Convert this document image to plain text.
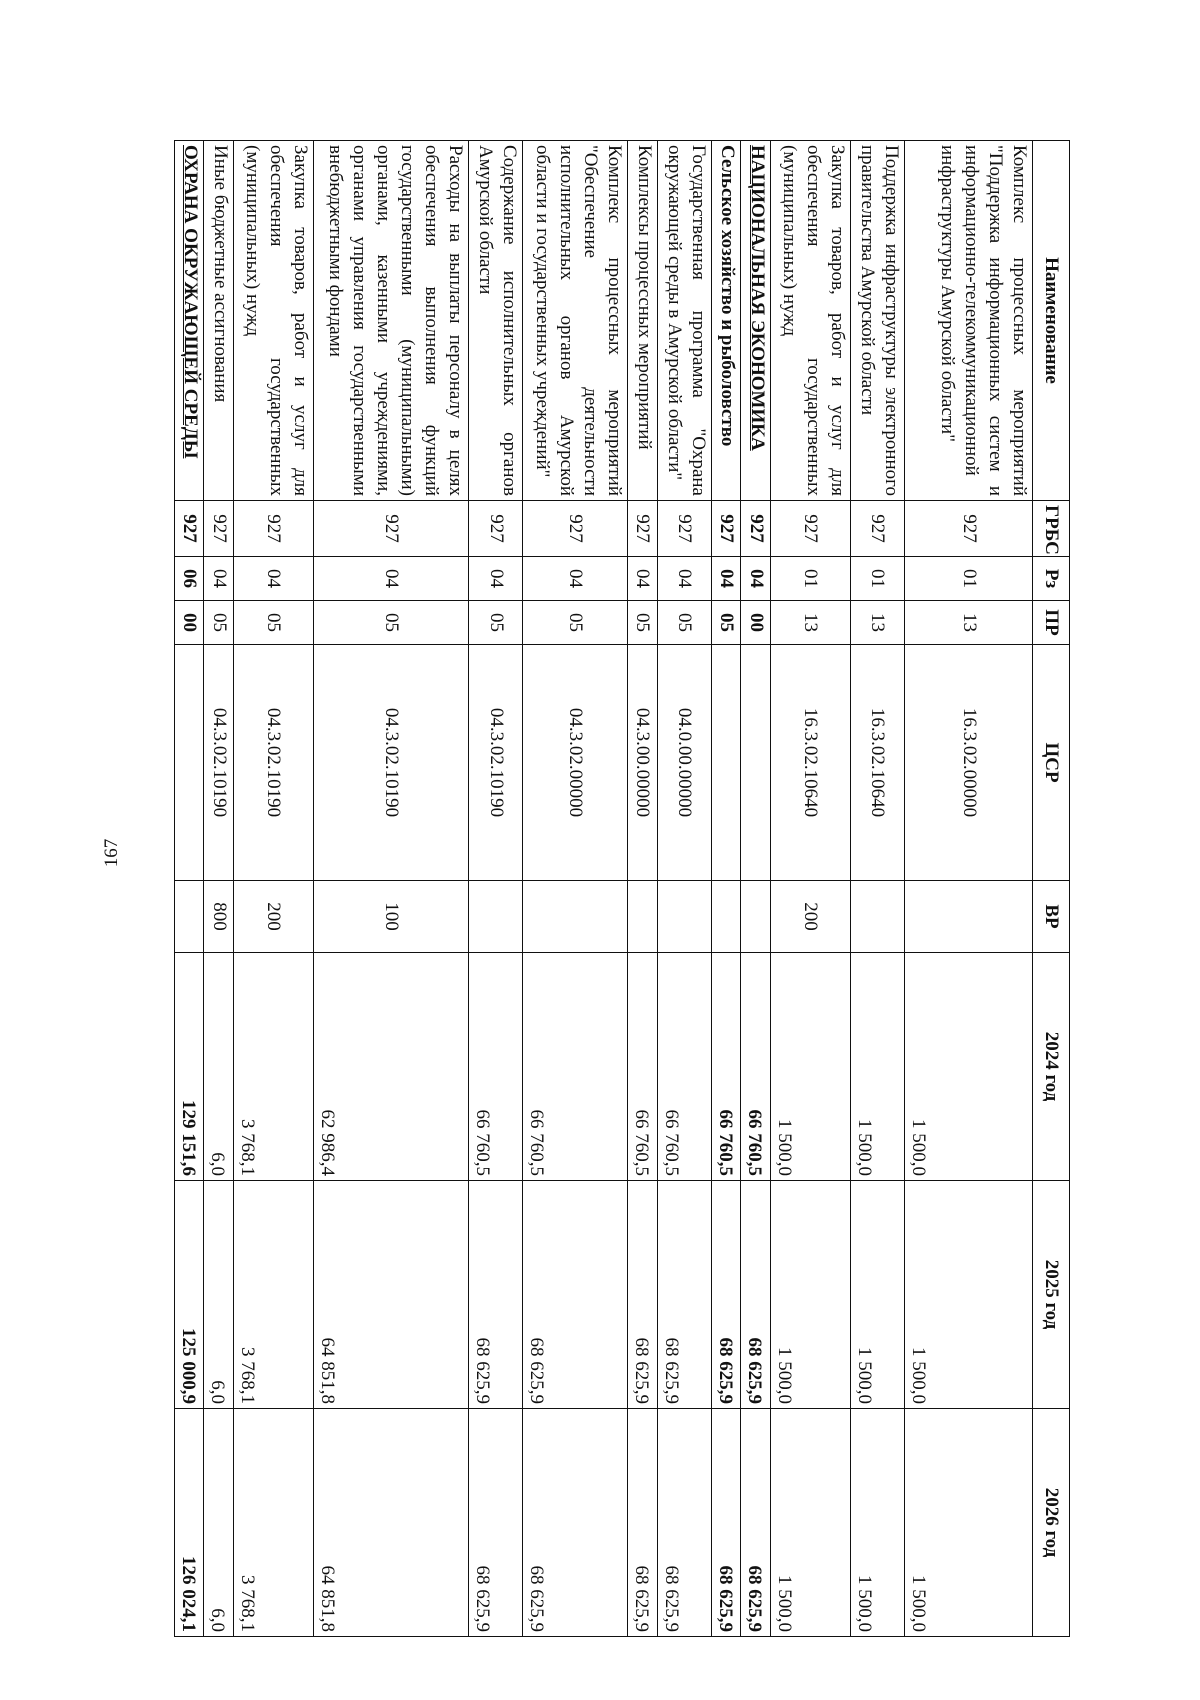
167
Наименование	ГРБС	Рз	ПР	ЦСР	ВР	2024 год	2025 год	2026 год
Комплекс процессных мероприятий "Поддержка информационных систем и информационно-телекоммуникационной инфраструктуры Амурской области"	927	01	13	16.3.02.00000		1 500,0	1 500,0	1 500,0
Поддержка инфраструктуры электронного правительства Амурской области	927	01	13	16.3.02.10640		1 500,0	1 500,0	1 500,0
Закупка товаров, работ и услуг для обеспечения государственных (муниципальных) нужд	927	01	13	16.3.02.10640	200	1 500,0	1 500,0	1 500,0
НАЦИОНАЛЬНАЯ ЭКОНОМИКА	927	04	00			66 760,5	68 625,9	68 625,9
Сельское хозяйство и рыболовство	927	04	05			66 760,5	68 625,9	68 625,9
Государственная программа "Охрана окружающей среды в Амурской области"	927	04	05	04.0.00.00000		66 760,5	68 625,9	68 625,9
Комплексы процессных мероприятий	927	04	05	04.3.00.00000		66 760,5	68 625,9	68 625,9
Комплекс процессных мероприятий "Обеспечение деятельности исполнительных органов Амурской области и государственных учреждений"	927	04	05	04.3.02.00000		66 760,5	68 625,9	68 625,9
Содержание исполнительных органов Амурской области	927	04	05	04.3.02.10190		66 760,5	68 625,9	68 625,9
Расходы на выплаты персоналу в целях обеспечения выполнения функций государственными (муниципальными) органами, казенными учреждениями, органами управления государственными внебюджетными фондами	927	04	05	04.3.02.10190	100	62 986,4	64 851,8	64 851,8
Закупка товаров, работ и услуг для обеспечения государственных (муниципальных) нужд	927	04	05	04.3.02.10190	200	3 768,1	3 768,1	3 768,1
Иные бюджетные ассигнования	927	04	05	04.3.02.10190	800	6,0	6,0	6,0
ОХРАНА ОКРУЖАЮЩЕЙ СРЕДЫ	927	06	00			129 151,6	125 000,9	126 024,1
